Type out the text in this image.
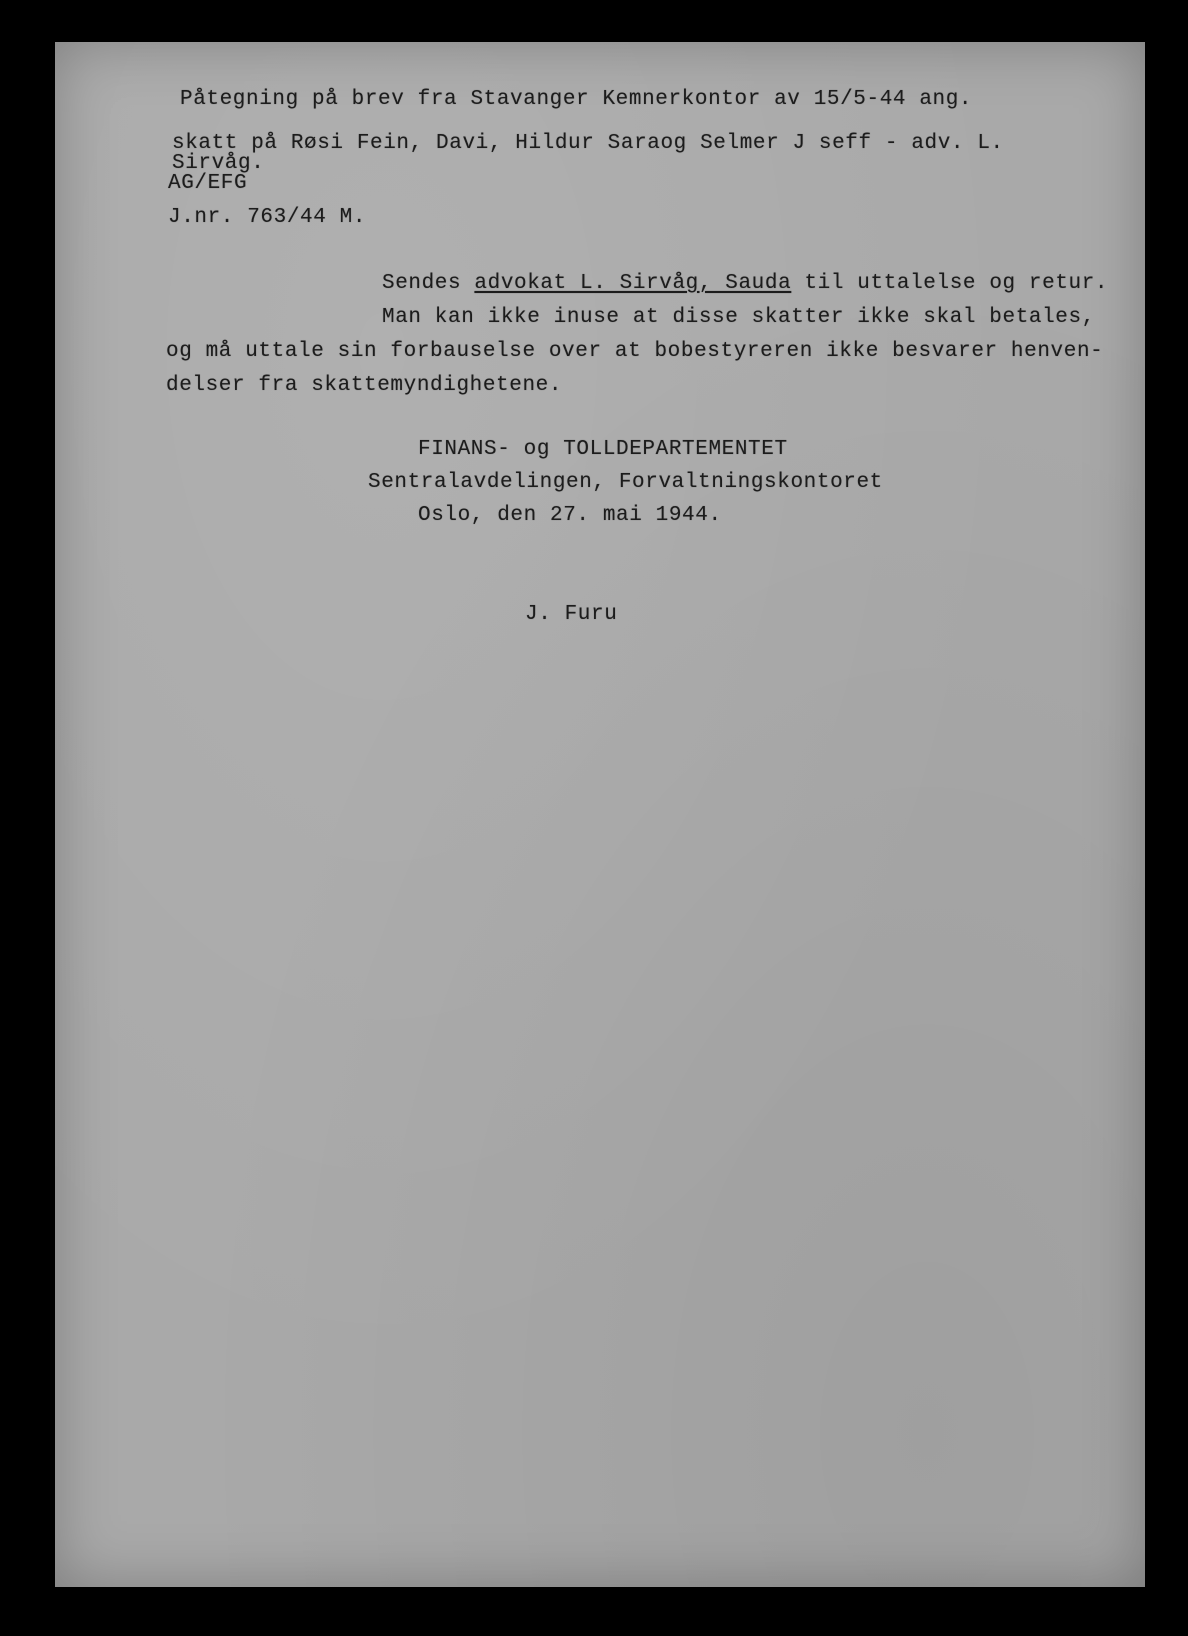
Påtegning på brev fra Stavanger Kemnerkontor av 15/5-44 ang.
skatt på Røsi Fein, Davi, Hildur Saraog Selmer J seff - adv. L.
Sirvåg.
AG/EFG
J.nr. 763/44 M.
Sendes advokat L. Sirvåg, Sauda til uttalelse og retur.
Man kan ikke inuse at disse skatter ikke skal betales,
og må uttale sin forbauselse over at bobestyreren ikke besvarer henven-
delser fra skattemyndighetene.
FINANS- og TOLLDEPARTEMENTET
Sentralavdelingen, Forvaltningskontoret
Oslo, den 27. mai 1944.
J. Furu
